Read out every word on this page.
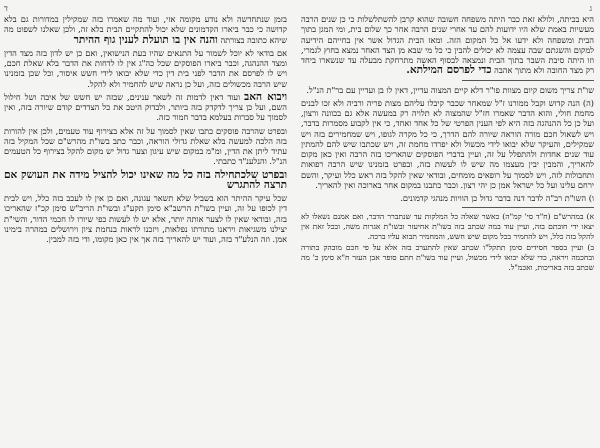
ג

היא בכיתה, ולולא זאת כבר היתה משפחה חשובה שהוא קרבן להשתלשלות כי כן שנים הרבה מעשיות באמת שלא היו ידועות להם עד אחרי שנים הרבה אחר כך שלום בית, ומי המגן בתוך הבית ומשפחה ולא ידעו אל כל המקום הזה. ומאז הבית הגדול אשר אין בחייהם הידיעה למקום והשגתם שבה עצמה לא יכולים להבין כי כל מי שבא מן הצד האחר נמצא בחוץ לגמרי, וזו היתה סיבת השבר בתוך הבית ונמצאה לבסוף האשה מתרחקת מבעלה עד שנשארו ביחד רק מצד החובה ולא מתוך אהבה כדי לפרסם המילתא.

שו"ת צריך משום קיום מצוות פו"ר דלא קיים המצוה עדיין, דאין לו בן ועדיין עם בר"ת הנ"ל.

(ה) הנה קדוש וקבל ממורנו ז"ל שמאחר שכבר קיבלו עליהם מצות פריה ורביה ולא זכו לבנים מחמת חולי, והוא הדבר שאמרו חז"ל שהמצוה לא תלויה רק במעשה אלא גם בכוונה ורצון, ועל כן כל ההנהגה בזה היא לפי הענין הפרטי של כל אחד ואחד, כי אין לקבוע מסמרות בדבר, ויש לשאול חכם מורה הוראה שיורה להם הדרך, כי כל מקרה לגופו, ויש שמחמירים בזה ויש שמקילים, והעיקר שלא יבואו לידי מכשול ולא יפרדו מחמת זה, ויש שכתבו שיש להם להמתין עוד שנים אחדות ולהתפלל על זה, ועיין בדברי הפוסקים שהאריכו בזה הרבה ואין כאן מקום להאריך, והמבין יבין מעצמו מה שיש לו לעשות בזה, ובפרט בזמנינו שיש הרבה רפואות ותחבולות לזה, ויש לסמוך על רופאים מומחים, ובודאי שאין להקל בזה ראש כלל ועיקר, והשם ירחם עלינו ועל כל ישראל אמן כן יהי רצון. וכבר כתבנו במקום אחר בארוכה ואין להאריך.

ו) השו"ת רב"ה לדבר דנה בדבר גדול כן הוויות מנהגי קדמונים.

א) במהרש"ם (ח"ד סי' קמ"ה) כאשר שאלה כל המלקות עד שנתברר הדבר, ואם אמנם נשאלו לא יצאו ידי חובתם בזה, ועיין עוד במה שכתב בזה בשו"ת אחיעזר ובשו"ת אגרות משה, ובכל זאת אין להקל בזה כלל, ויש להחמיר בכל מקום שיש חשש, והמחמיר תבוא עליו ברכה.

ב) ועיין בספר חסידים סימן תתקל"ו שכתב שאין להתערב בזה אלא על פי חכם מובהק בתורה ובחכמה ויראה, כדי שלא יבואו לידי מכשול, ועיין עוד בשו"ת חתם סופר אבן העזר ח"א סימן כ' מה שכתב בזה באריכות, ואכמ"ל.

ד

בזמן שנתחדשה ולא נודע מקומה אזי, ועוד מה שאמרו בזה שמקילין במדורות גם בלא קדושה כי כבר ביארו הקדמונים שלא יכול להתקיים הבית בלא זה, ולכן שאלנו לשפוט מה שיהא כתובה בצורתה והנה אין בו תועלת לענין גוף ההיתר

אם בודאי לא יוכל לשמור על התנאים שהיו בעת הנישואין, ואם כן יש לדון בזה מצד הדין ומצד ההנהגה, וכבר ביארו הפוסקים שכל כה"ג אין לו לדחות את הדבר בלא שאלת חכם, ויש לו לפרסם את הדבר לפני בית דין כדי שלא יבואו לידי חשש איסור, וכל שכן בזמנינו שיש הרבה מכשולים בזה, ועל כן נראה שיש להחמיר ולא להקל.

ויבוא האב ועוד דאין לדמות זה לשאר ענינים, שבזה יש חשש של איבה ושל חילול השם, ועל כן צריך לדקדק בזה ביותר, ולבדוק היטב את כל הצדדים קודם שיורה בזה, ואין לסמוך על סברות בעלמא בדבר חמור כזה.

ובפרט שהרבה פוסקים כתבו שאין לסמוך על זה אלא בצירוף עוד טעמים, ולכן אין להורות בזה הלכה למעשה בלא שאלת גדולי הוראה, וכבר כתב בשו"ת מהרש"ם שכל המקיל בזה עתיד ליתן את הדין, ומ"מ במקום שיש עיגון וצער גדול יש מקום להקל בצירוף כל הטעמים הנ"ל. והנלענ"ד כתבתי.

ובפרט שלכתחילה בזה כל מה שאינו יכול להציל מידה את העושק אם תרצה להתגרש

שכל עיקר ההיתר הוא בשביל שלא תשאר עגונה, ואם כן אין לו לעכב בזה כלל, ויש לבית דין לכופו על זה, ועיין בשו"ת הרשב"א סימן תקע"ג ובשו"ת הריב"ש סימן קכ"ז שהאריכו בזה, ובודאי שאין לו לצער אותה יותר, אלא יש לו לעשות כפי שיורו לו חכמי הדור, והשי"ת יצילנו משגיאות ויראנו מתורתו נפלאות, ויזכנו לראות בנחמת ציון וירושלים במהרה בימינו אמן. וזה הנלע"ד בזה, ועוד יש להאריך בזה אך אין כאן מקומו, ודי בזה למבין.
